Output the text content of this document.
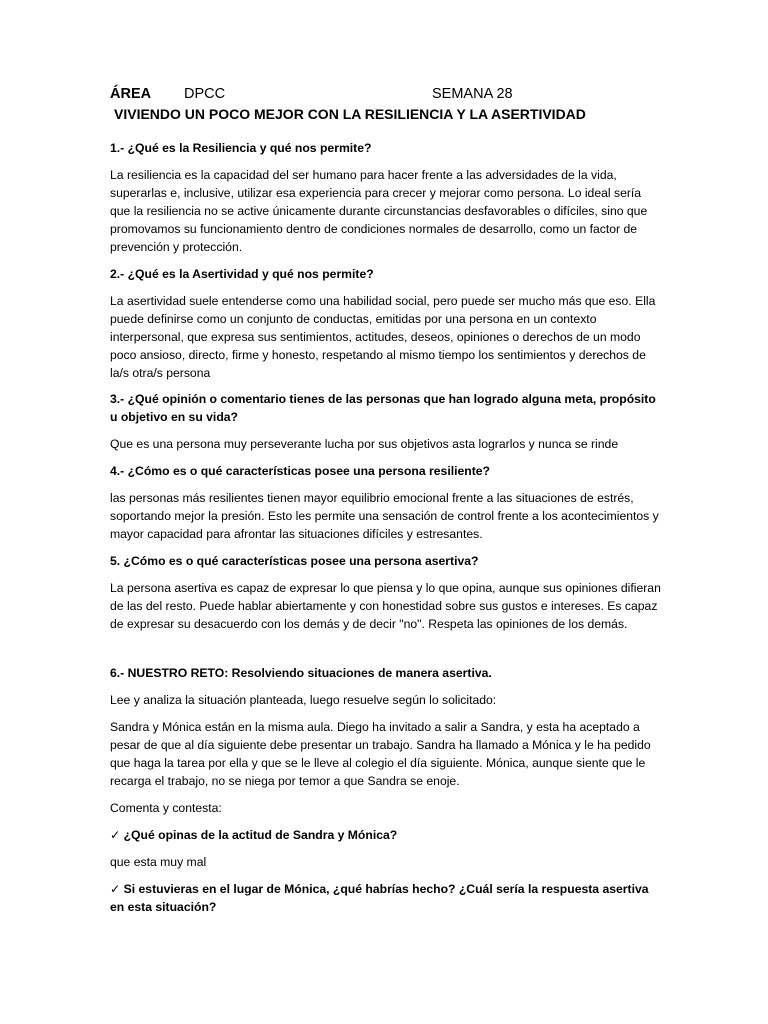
ÁREA DPCC	SEMANA 28
VIVIENDO UN POCO MEJOR CON LA RESILIENCIA Y LA ASERTIVIDAD

1.- ¿Qué es la Resiliencia y qué nos permite?

La resiliencia es la capacidad del ser humano para hacer frente a las adversidades de la vida, superarlas e, inclusive, utilizar esa experiencia para crecer y mejorar como persona. Lo ideal sería que la resiliencia no se active únicamente durante circunstancias desfavorables o difíciles, sino que promovamos su funcionamiento dentro de condiciones normales de desarrollo, como un factor de prevención y protección.

2.- ¿Qué es la Asertividad y qué nos permite?

La asertividad suele entenderse como una habilidad social, pero puede ser mucho más que eso. Ella puede definirse como un conjunto de conductas, emitidas por una persona en un contexto interpersonal, que expresa sus sentimientos, actitudes, deseos, opiniones o derechos de un modo poco ansioso, directo, firme y honesto, respetando al mismo tiempo los sentimientos y derechos de la/s otra/s persona

3.- ¿Qué opinión o comentario tienes de las personas que han logrado alguna meta, propósito u objetivo en su vida?

Que es una persona muy perseverante lucha por sus objetivos asta lograrlos y nunca se rinde

4.- ¿Cómo es o qué características posee una persona resiliente?

las personas más resilientes tienen mayor equilibrio emocional frente a las situaciones de estrés, soportando mejor la presión. Esto les permite una sensación de control frente a los acontecimientos y mayor capacidad para afrontar las situaciones difíciles y estresantes.

5. ¿Cómo es o qué características posee una persona asertiva?

La persona asertiva es capaz de expresar lo que piensa y lo que opina, aunque sus opiniones difieran de las del resto. Puede hablar abiertamente y con honestidad sobre sus gustos e intereses. Es capaz de expresar su desacuerdo con los demás y de decir "no". Respeta las opiniones de los demás.

6.- NUESTRO RETO: Resolviendo situaciones de manera asertiva.

Lee y analiza la situación planteada, luego resuelve según lo solicitado:

Sandra y Mónica están en la misma aula. Diego ha invitado a salir a Sandra, y esta ha aceptado a pesar de que al día siguiente debe presentar un trabajo. Sandra ha llamado a Mónica y le ha pedido que haga la tarea por ella y que se le lleve al colegio el día siguiente. Mónica, aunque siente que le recarga el trabajo, no se niega por temor a que Sandra se enoje.

Comenta y contesta:

✓ ¿Qué opinas de la actitud de Sandra y Mónica?

que esta muy mal

✓ Si estuvieras en el lugar de Mónica, ¿qué habrías hecho? ¿Cuál sería la respuesta asertiva en esta situación?
